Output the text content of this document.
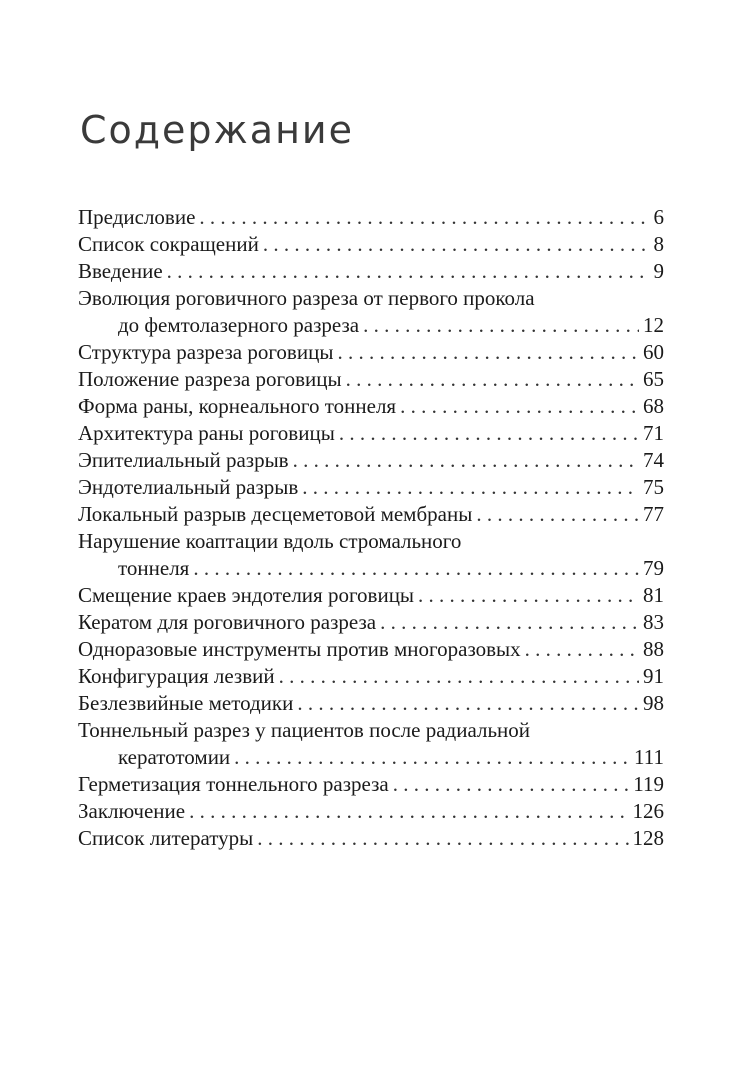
Содержание
Предисловие . . .	6
Список сокращений . . .	8
Введение . . .	9
Эволюция роговичного разреза от первого прокола
до фемтолазерного разреза . . .	12
Структура разреза роговицы . . .	60
Положение разреза роговицы . . .	65
Форма раны, корнеального тоннеля . . .	68
Архитектура раны роговицы . . .	71
Эпителиальный разрыв . . .	74
Эндотелиальный разрыв . . .	75
Локальный разрыв десцеметовой мембраны . . .	77
Нарушение коаптации вдоль стромального
тоннеля . . .	79
Смещение краев эндотелия роговицы . . .	81
Кератом для роговичного разреза . . .	83
Одноразовые инструменты против многоразовых . . .	88
Конфигурация лезвий . . .	91
Безлезвийные методики . . .	98
Тоннельный разрез у пациентов после радиальной
кератотомии . . .	111
Герметизация тоннельного разреза . . .	119
Заключение . . .	126
Список литературы . . .	128
